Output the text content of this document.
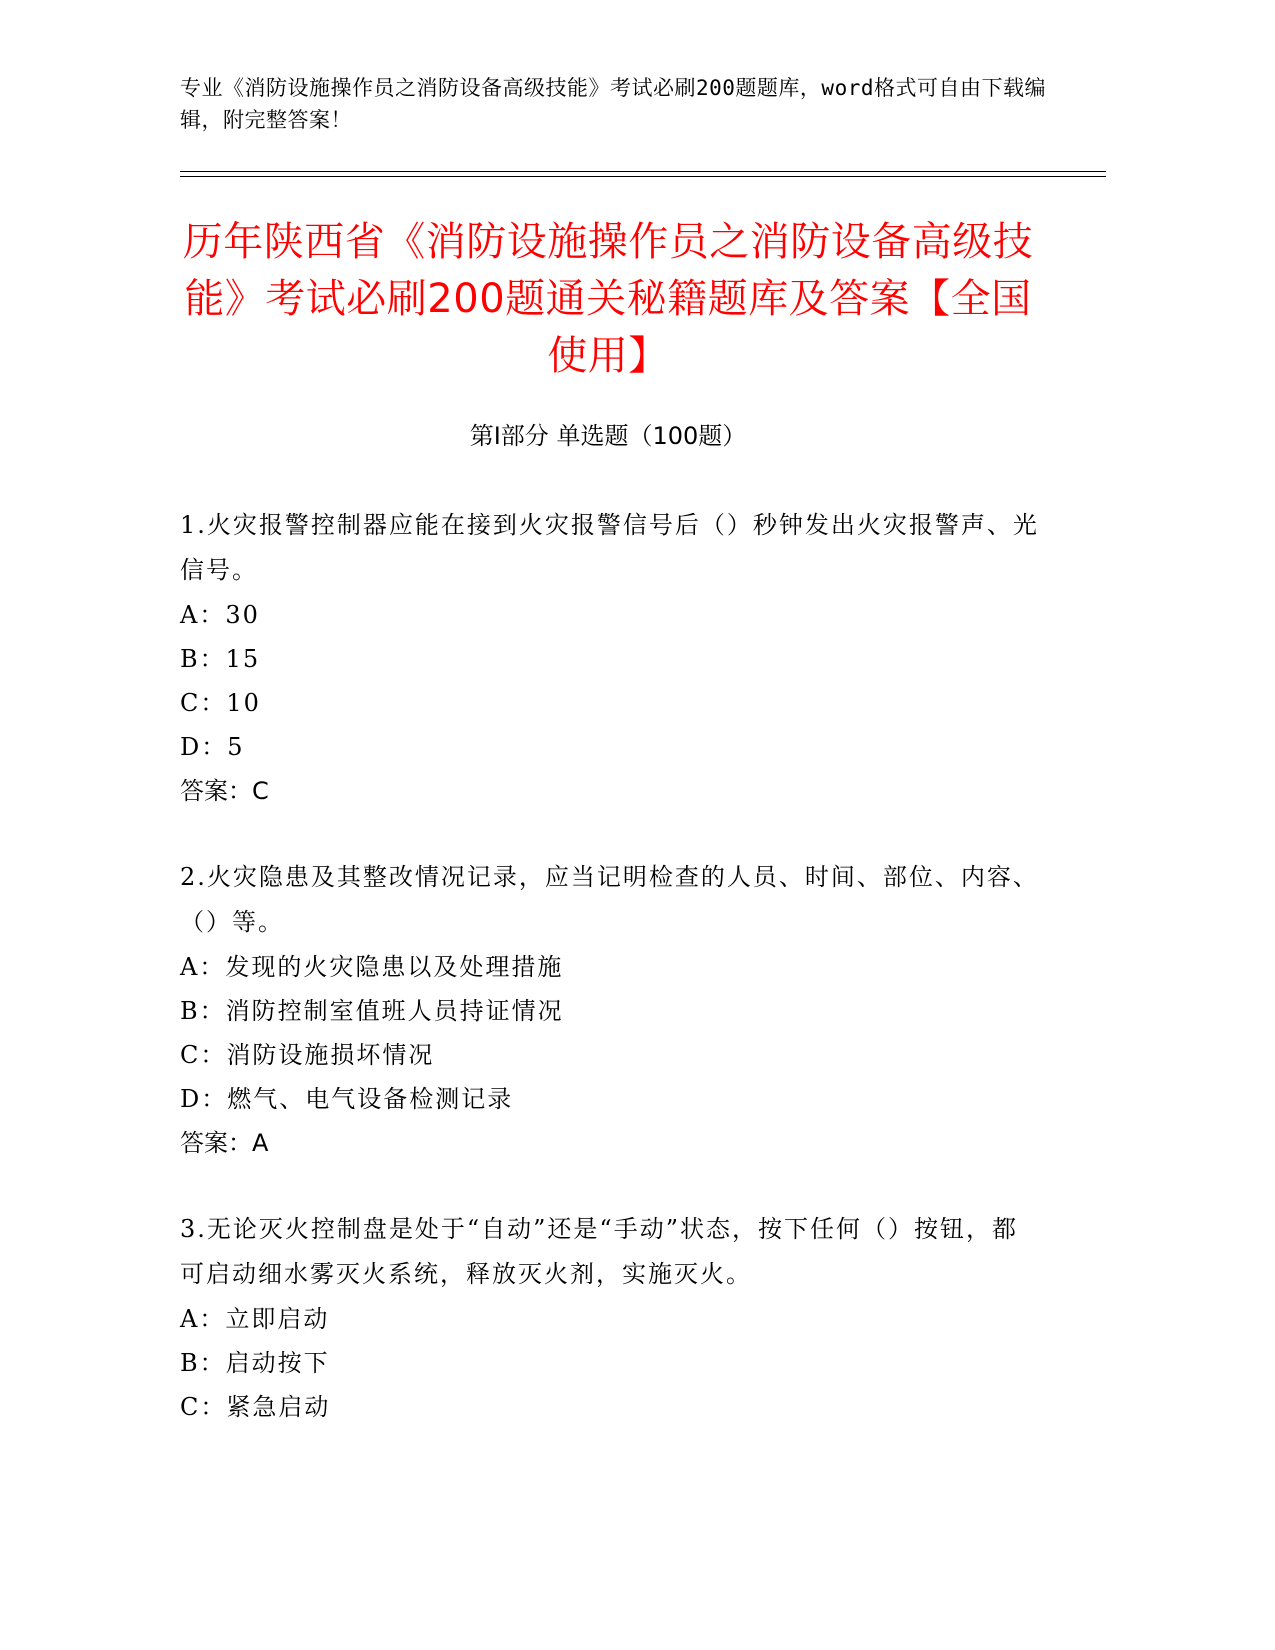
专业《消防设施操作员之消防设备高级技能》考试必刷200题题库，word格式可自由下载编辑，附完整答案！
历年陕西省《消防设施操作员之消防设备高级技能》考试必刷200题通关秘籍题库及答案【全国使用】
第Ⅰ部分 单选题（100题）
1.火灾报警控制器应能在接到火灾报警信号后（）秒钟发出火灾报警声、光信号。
A：30
B：15
C：10
D：5
答案：C
2.火灾隐患及其整改情况记录，应当记明检查的人员、时间、部位、内容、（）等。
A：发现的火灾隐患以及处理措施
B：消防控制室值班人员持证情况
C：消防设施损坏情况
D：燃气、电气设备检测记录
答案：A
3.无论灭火控制盘是处于“自动”还是“手动”状态，按下任何（）按钮，都可启动细水雾灭火系统，释放灭火剂，实施灭火。
A：立即启动
B：启动按下
C：紧急启动
